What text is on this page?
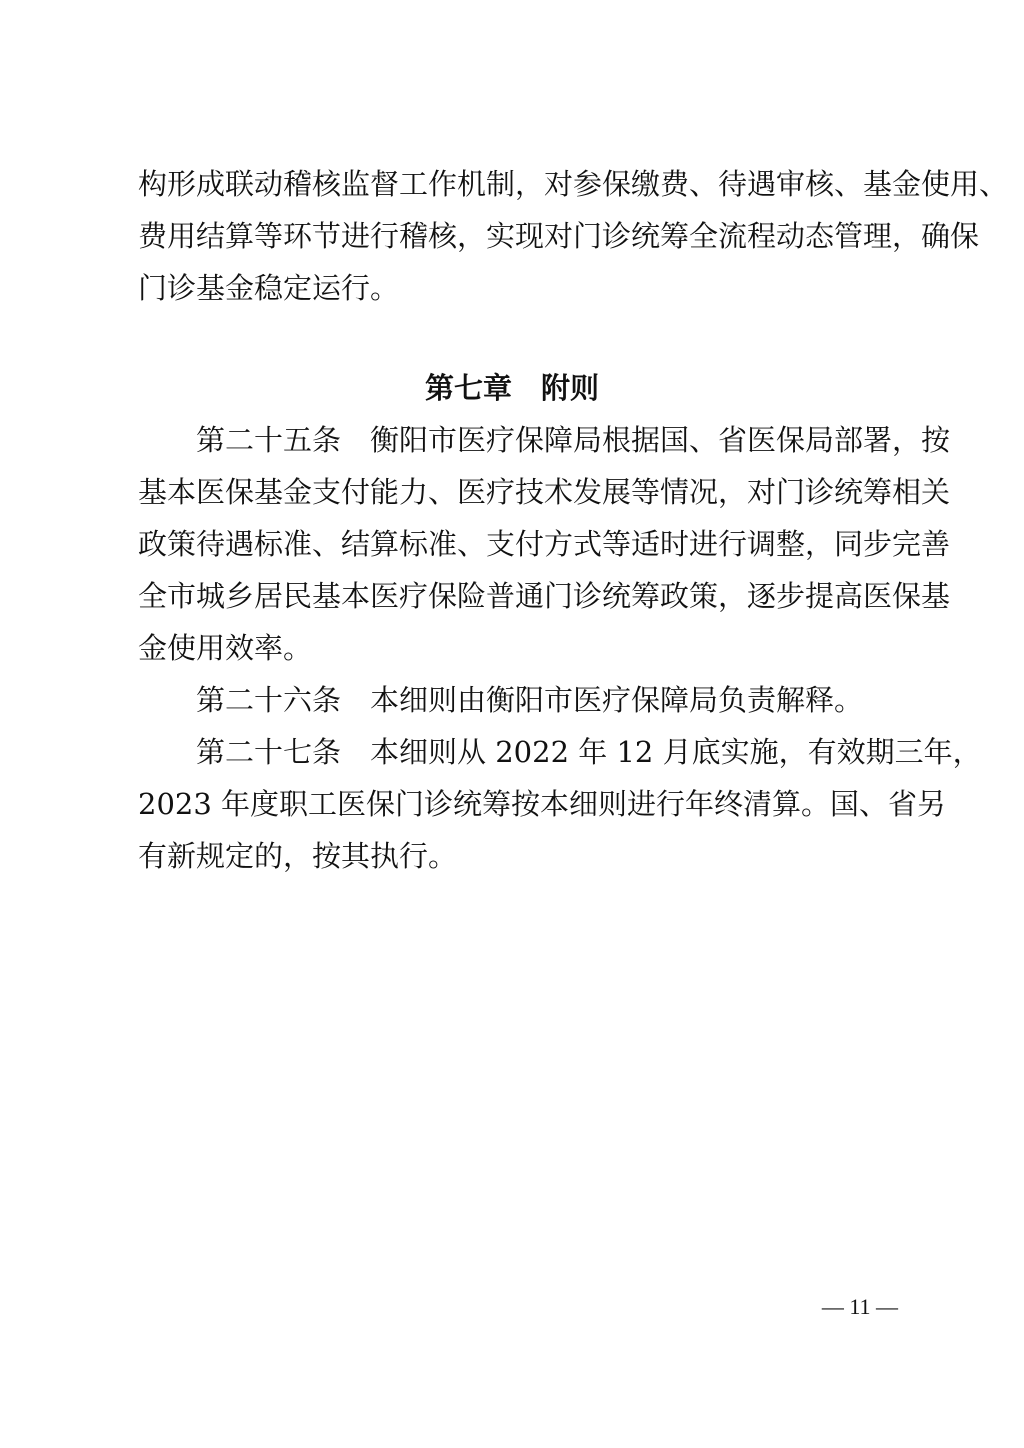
构形成联动稽核监督工作机制，对参保缴费、待遇审核、基金使用、
费用结算等环节进行稽核，实现对门诊统筹全流程动态管理，确保
门诊基金稳定运行。
第七章　附则
第二十五条　衡阳市医疗保障局根据国、省医保局部署，按
基本医保基金支付能力、医疗技术发展等情况，对门诊统筹相关
政策待遇标准、结算标准、支付方式等适时进行调整，同步完善
全市城乡居民基本医疗保险普通门诊统筹政策，逐步提高医保基
金使用效率。
第二十六条　本细则由衡阳市医疗保障局负责解释。
第二十七条　本细则从 2022 年 12 月底实施，有效期三年，
2023 年度职工医保门诊统筹按本细则进行年终清算。国、省另
有新规定的，按其执行。
— 11 —
